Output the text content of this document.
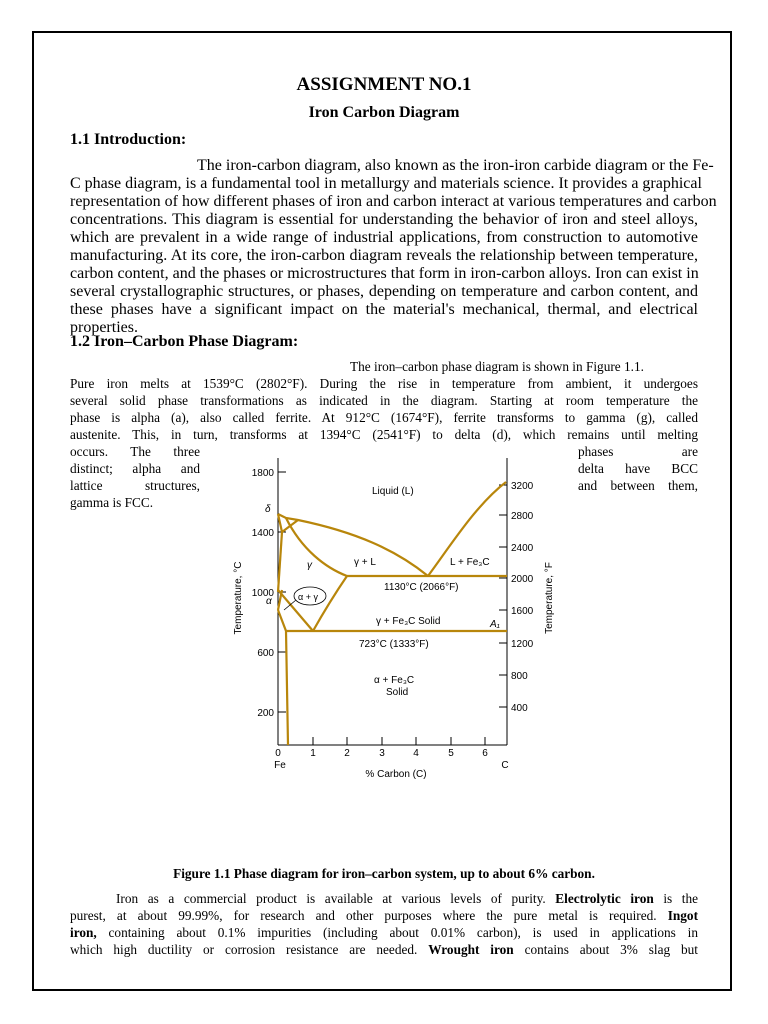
ASSIGNMENT NO.1
Iron Carbon Diagram
1.1 Introduction:
The iron-carbon diagram, also known as the iron-iron carbide diagram or the Fe-
C phase diagram, is a fundamental tool in metallurgy and materials science. It provides a graphical
representation of how different phases of iron and carbon interact at various temperatures and carbon
concentrations. This diagram is essential for understanding the behavior of iron and steel alloys,
which are prevalent in a wide range of industrial applications, from construction to automotive
manufacturing. At its core, the iron-carbon diagram reveals the relationship between temperature,
carbon content, and the phases or microstructures that form in iron-carbon alloys. Iron can exist in
several crystallographic structures, or phases, depending on temperature and carbon content, and
these phases have a significant impact on the material's mechanical, thermal, and electrical
properties.
1.2 Iron–Carbon Phase Diagram:
The iron–carbon phase diagram is shown in Figure 1.1.
Pure iron melts at 1539°C (2802°F). During the rise in temperature from ambient, it undergoes
several solid phase transformations as indicated in the diagram. Starting at room temperature the
phase is alpha (a), also called ferrite. At 912°C (1674°F), ferrite transforms to gamma (g), called
austenite. This, in turn, transforms at 1394°C (2541°F) to delta (d), which remains until melting
occurs. The three
distinct; alpha and
lattice structures,
gamma is FCC.
phases are
delta have BCC
and between them,
Liquid (L)
γ + L	L + Fe₃C
γ
δ
α	α + γ
1130°C (2066°F)
γ + Fe₃C Solid	A₁
723°C (1333°F)
α + Fe₃C
Solid
1800
1400
1000
600
200
3200
2800
2400
2000
1600
1200
800
400
0	1	2	3	4	5	6
Fe	C
% Carbon (C)
Temperature, °C	Temperature, °F
Figure 1.1 Phase diagram for iron–carbon system, up to about 6% carbon.
Iron as a commercial product is available at various levels of purity. Electrolytic iron is the
purest, at about 99.99%, for research and other purposes where the pure metal is required. Ingot
iron, containing about 0.1% impurities (including about 0.01% carbon), is used in applications in
which high ductility or corrosion resistance are needed. Wrought iron contains about 3% slag but
